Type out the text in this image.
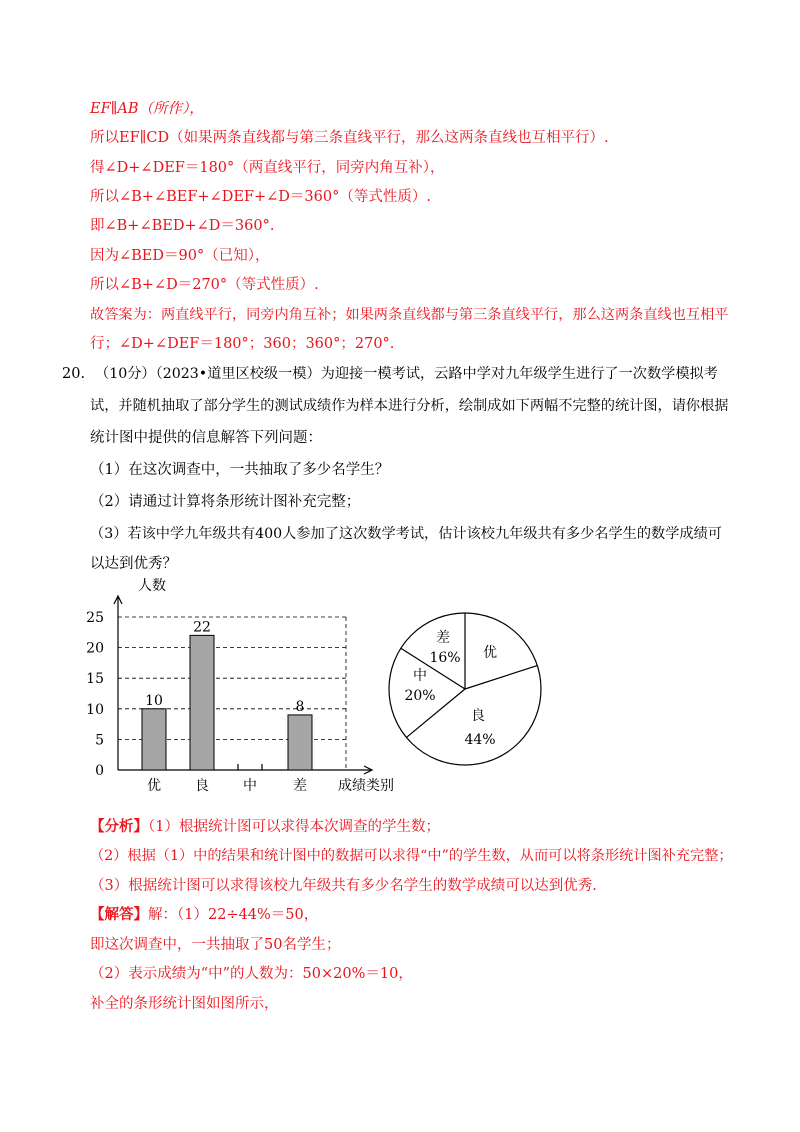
EF∥AB（所作），
所以EF∥CD（如果两条直线都与第三条直线平行，那么这两条直线也互相平行）.
得∠D+∠DEF＝180°（两直线平行，同旁内角互补），
所以∠B+∠BEF+∠DEF+∠D＝360°（等式性质）.
即∠B+∠BED+∠D＝360°.
因为∠BED＝90°（已知），
所以∠B+∠D＝270°（等式性质）.
故答案为：两直线平行，同旁内角互补；如果两条直线都与第三条直线平行，那么这两条直线也互相平
行；∠D+∠DEF＝180°；360；360°；270°.
20. （10分）（2023•道里区校级一模）为迎接一模考试，云路中学对九年级学生进行了一次数学模拟考
试，并随机抽取了部分学生的测试成绩作为样本进行分析，绘制成如下两幅不完整的统计图，请你根据
统计图中提供的信息解答下列问题：
（1）在这次调查中，一共抽取了多少名学生？
（2）请通过计算将条形统计图补充完整；
（3）若该中学九年级共有400人参加了这次数学考试，估计该校九年级共有多少名学生的数学成绩可
以达到优秀？
0
5
10
15
20
25
人数
10
优
22
良 中
8
差 成绩类别
优
良
44%
中
20%
差
16%
【分析】（1）根据统计图可以求得本次调查的学生数；
（2）根据（1）中的结果和统计图中的数据可以求得“中”的学生数，从而可以将条形统计图补充完整；
（3）根据统计图可以求得该校九年级共有多少名学生的数学成绩可以达到优秀.
【解答】解：（1）22÷44%＝50，
即这次调查中，一共抽取了50名学生；
（2）表示成绩为“中”的人数为：50×20%＝10，
补全的条形统计图如图所示，
